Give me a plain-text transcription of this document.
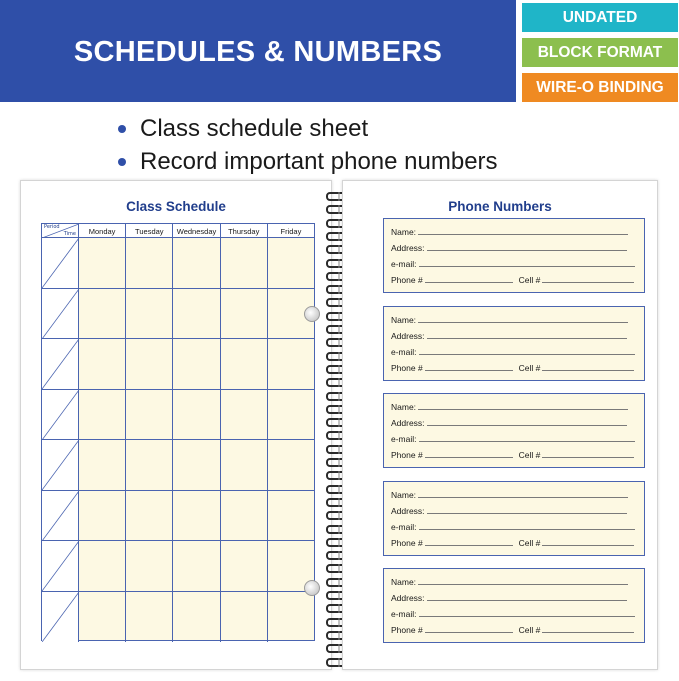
SCHEDULES & NUMBERS
UNDATED
BLOCK FORMAT
WIRE-O BINDING
Class schedule sheet
Record important phone numbers
Class Schedule
Period
Time	Monday	Tuesday	Wednesday	Thursday	Friday
Phone Numbers
Name:
Address:
e-mail:
Phone #	Cell #
Name:
Address:
e-mail:
Phone #	Cell #
Name:
Address:
e-mail:
Phone #	Cell #
Name:
Address:
e-mail:
Phone #	Cell #
Name:
Address:
e-mail:
Phone #	Cell #
